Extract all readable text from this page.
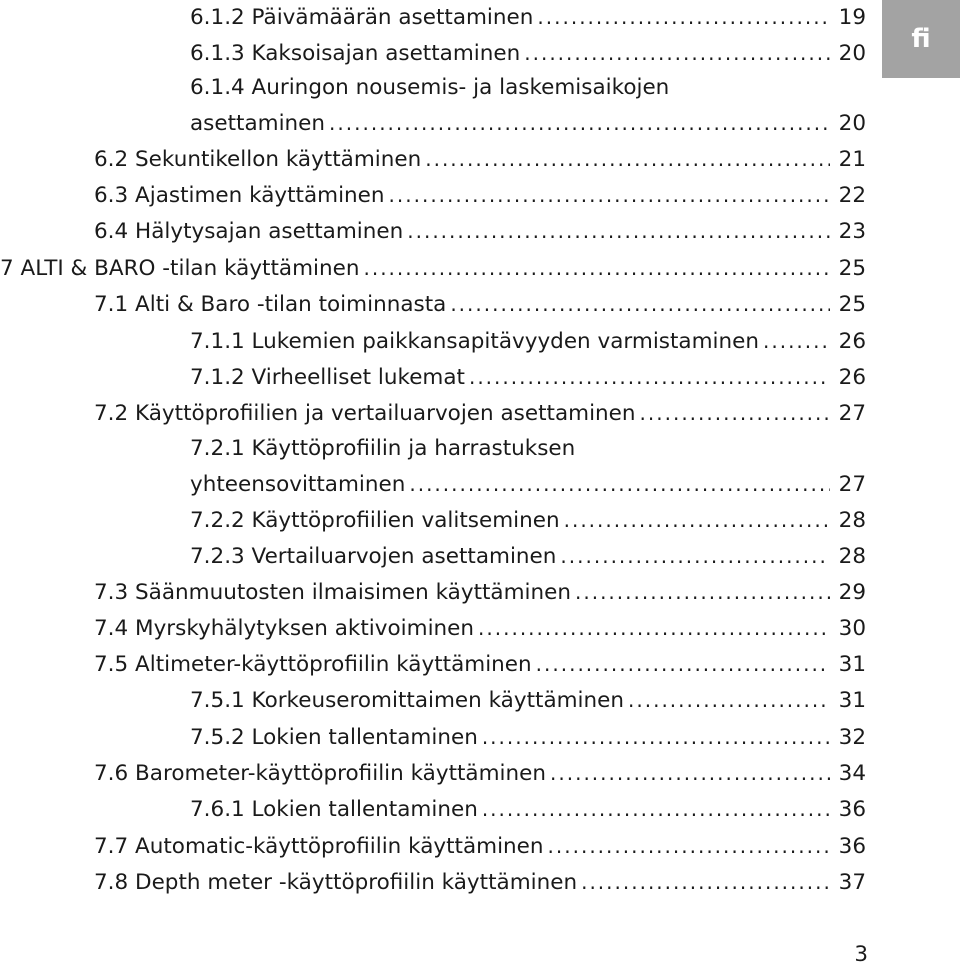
fi
6.1.2 Päivämäärän asettaminen .....	19
6.1.3 Kaksoisajan asettaminen .....	20
6.1.4 Auringon nousemis- ja laskemisaikojen
asettaminen .....	20
6.2 Sekuntikellon käyttäminen .....	21
6.3 Ajastimen käyttäminen .....	22
6.4 Hälytysajan asettaminen .....	23
7 ALTI & BARO -tilan käyttäminen .....	25
7.1 Alti & Baro -tilan toiminnasta .....	25
7.1.1 Lukemien paikkansapitävyyden varmistaminen .....	26
7.1.2 Virheelliset lukemat .....	26
7.2 Käyttöprofiilien ja vertailuarvojen asettaminen .....	27
7.2.1 Käyttöprofiilin ja harrastuksen
yhteensovittaminen .....	27
7.2.2 Käyttöprofiilien valitseminen .....	28
7.2.3 Vertailuarvojen asettaminen .....	28
7.3 Säänmuutosten ilmaisimen käyttäminen .....	29
7.4 Myrskyhälytyksen aktivoiminen .....	30
7.5 Altimeter-käyttöprofiilin käyttäminen .....	31
7.5.1 Korkeuseromittaimen käyttäminen .....	31
7.5.2 Lokien tallentaminen .....	32
7.6 Barometer-käyttöprofiilin käyttäminen .....	34
7.6.1 Lokien tallentaminen .....	36
7.7 Automatic-käyttöprofiilin käyttäminen .....	36
7.8 Depth meter -käyttöprofiilin käyttäminen .....	37
3
